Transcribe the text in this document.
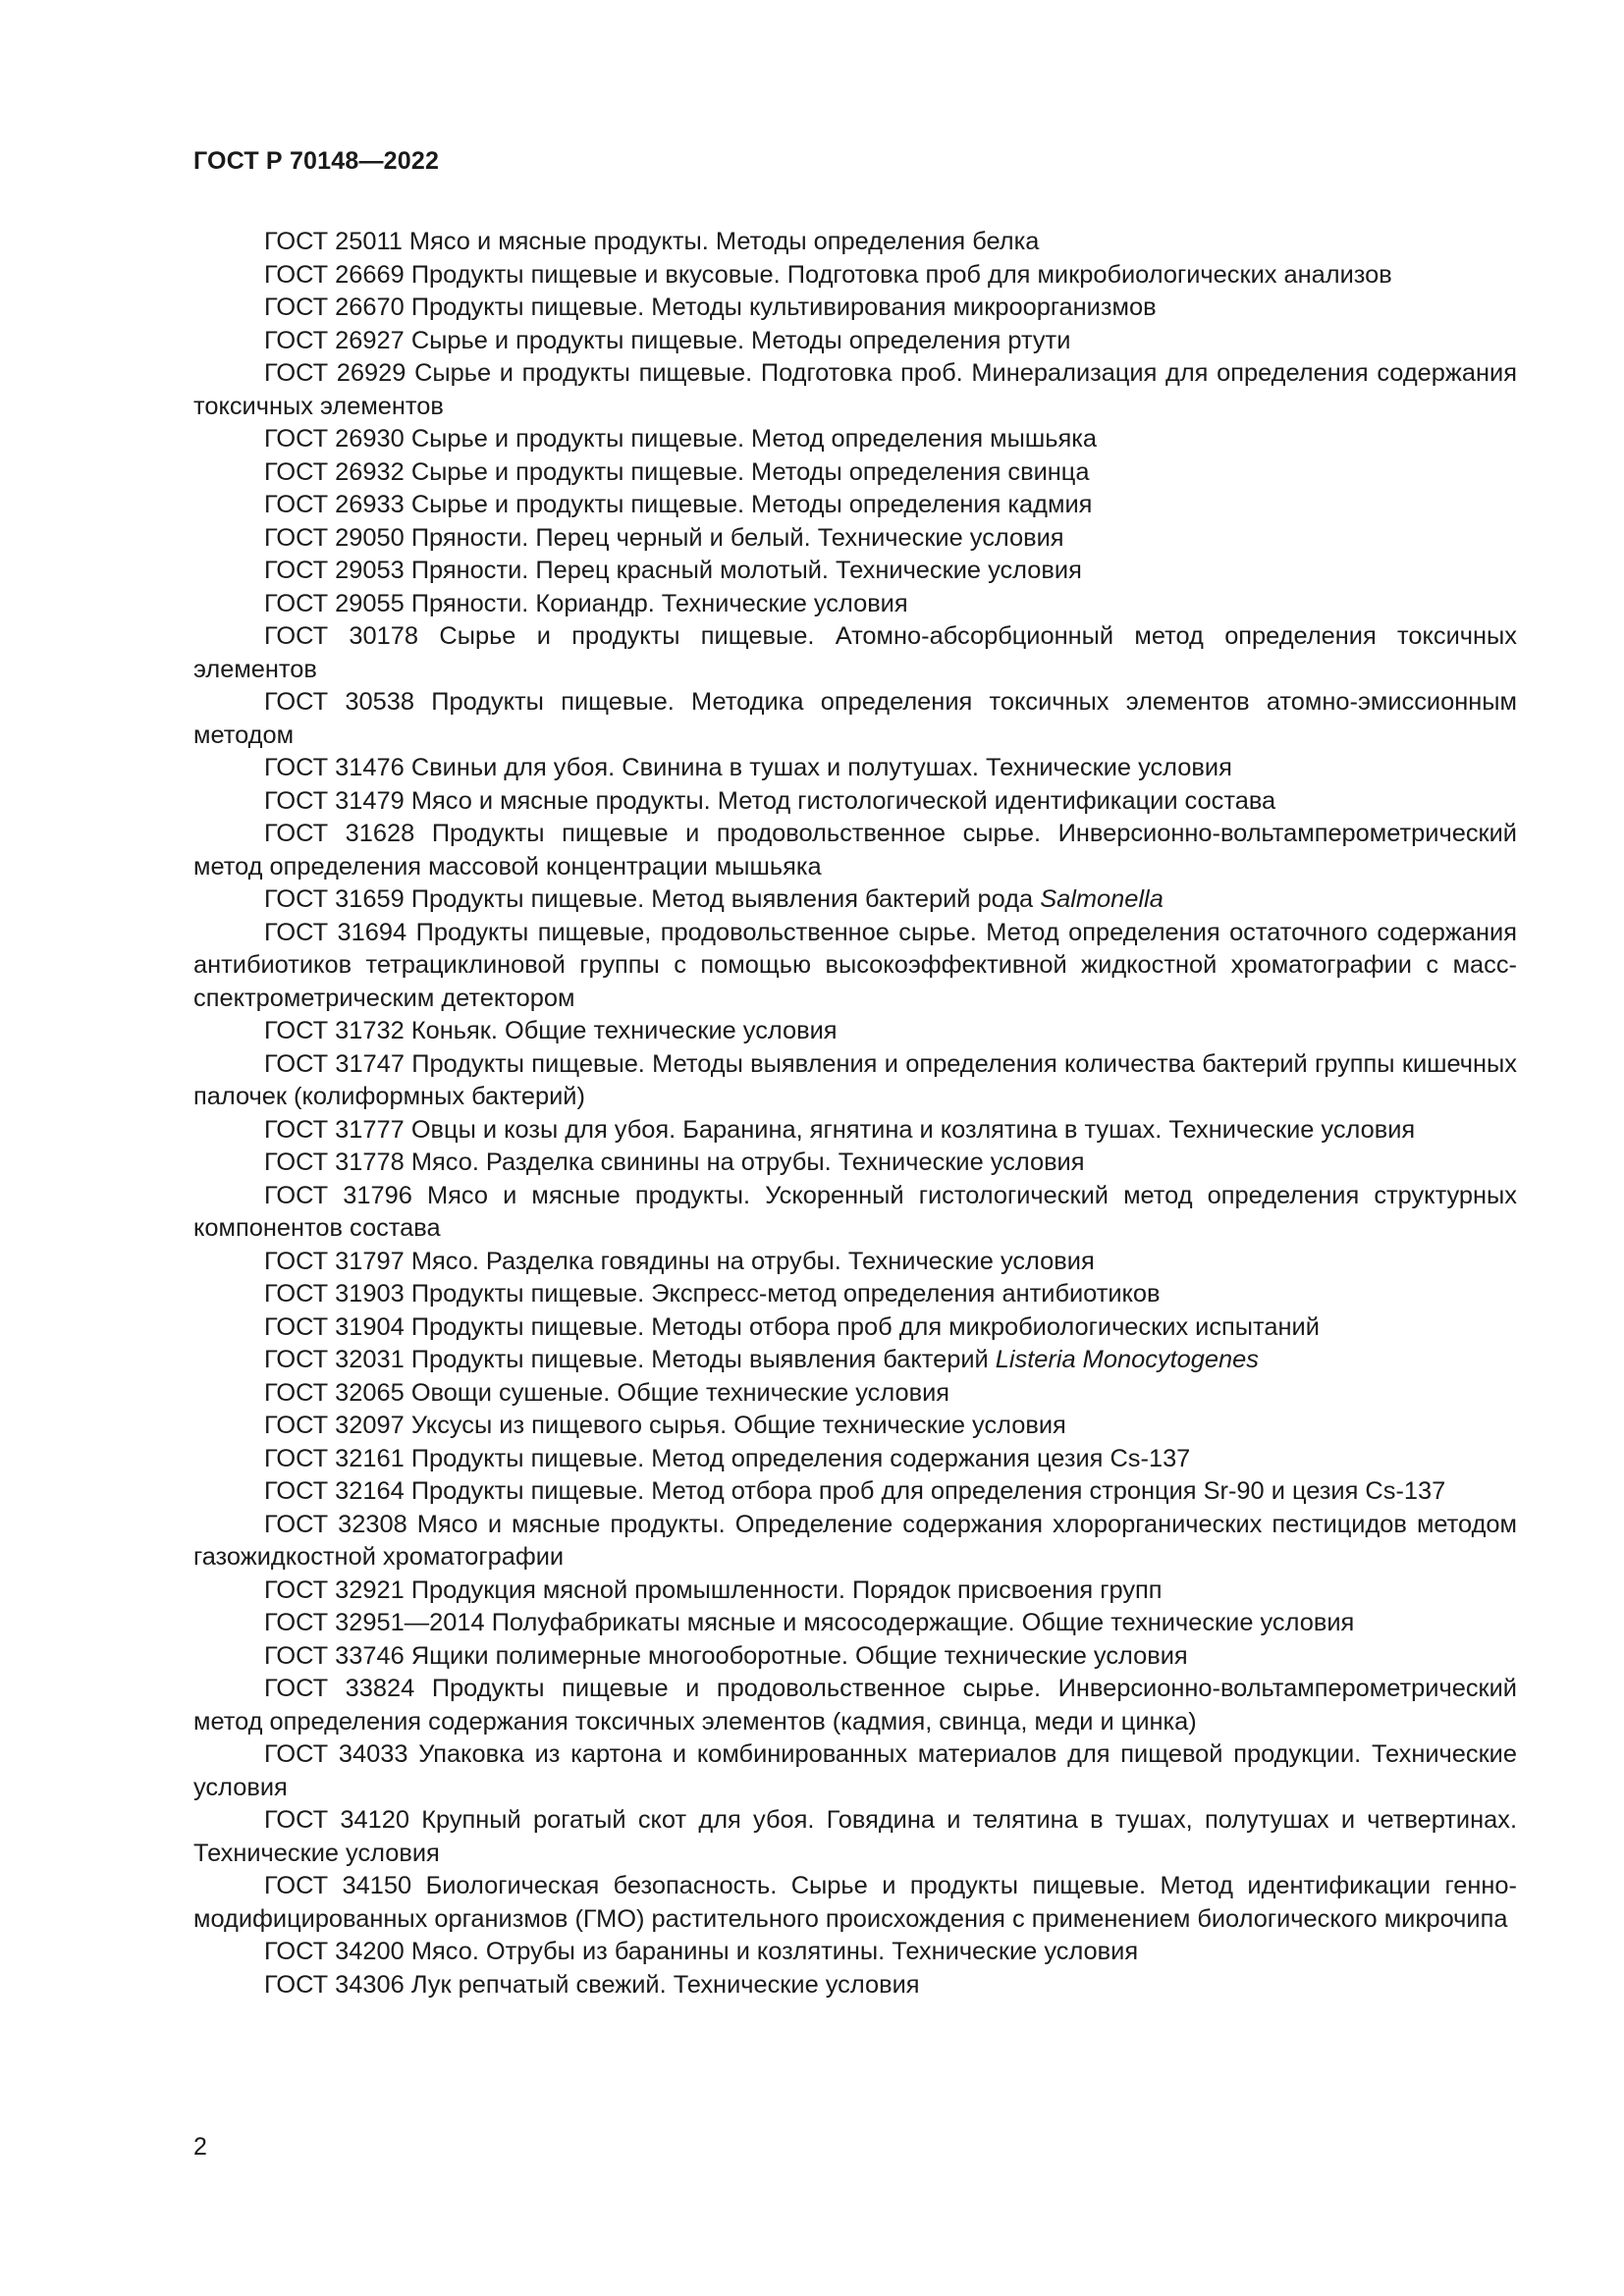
ГОСТ Р 70148—2022
ГОСТ 25011 Мясо и мясные продукты. Методы определения белка
ГОСТ 26669 Продукты пищевые и вкусовые. Подготовка проб для микробиологических анализов
ГОСТ 26670 Продукты пищевые. Методы культивирования микроорганизмов
ГОСТ 26927 Сырье и продукты пищевые. Методы определения ртути
ГОСТ 26929 Сырье и продукты пищевые. Подготовка проб. Минерализация для определения содержания токсичных элементов
ГОСТ 26930 Сырье и продукты пищевые. Метод определения мышьяка
ГОСТ 26932 Сырье и продукты пищевые. Методы определения свинца
ГОСТ 26933 Сырье и продукты пищевые. Методы определения кадмия
ГОСТ 29050 Пряности. Перец черный и белый. Технические условия
ГОСТ 29053 Пряности. Перец красный молотый. Технические условия
ГОСТ 29055 Пряности. Кориандр. Технические условия
ГОСТ 30178 Сырье и продукты пищевые. Атомно-абсорбционный метод определения токсичных элементов
ГОСТ 30538 Продукты пищевые. Методика определения токсичных элементов атомно-эмиссионным методом
ГОСТ 31476 Свиньи для убоя. Свинина в тушах и полутушах. Технические условия
ГОСТ 31479 Мясо и мясные продукты. Метод гистологической идентификации состава
ГОСТ 31628 Продукты пищевые и продовольственное сырье. Инверсионно-вольтамперометрический метод определения массовой концентрации мышьяка
ГОСТ 31659 Продукты пищевые. Метод выявления бактерий рода Salmonella
ГОСТ 31694 Продукты пищевые, продовольственное сырье. Метод определения остаточного содержания антибиотиков тетрациклиновой группы с помощью высокоэффективной жидкостной хроматографии с масс-спектрометрическим детектором
ГОСТ 31732 Коньяк. Общие технические условия
ГОСТ 31747 Продукты пищевые. Методы выявления и определения количества бактерий группы кишечных палочек (колиформных бактерий)
ГОСТ 31777 Овцы и козы для убоя. Баранина, ягнятина и козлятина в тушах. Технические условия
ГОСТ 31778 Мясо. Разделка свинины на отрубы. Технические условия
ГОСТ 31796 Мясо и мясные продукты. Ускоренный гистологический метод определения структурных компонентов состава
ГОСТ 31797 Мясо. Разделка говядины на отрубы. Технические условия
ГОСТ 31903 Продукты пищевые. Экспресс-метод определения антибиотиков
ГОСТ 31904 Продукты пищевые. Методы отбора проб для микробиологических испытаний
ГОСТ 32031 Продукты пищевые. Методы выявления бактерий Listeria Monocytogenes
ГОСТ 32065 Овощи сушеные. Общие технические условия
ГОСТ 32097 Уксусы из пищевого сырья. Общие технические условия
ГОСТ 32161 Продукты пищевые. Метод определения содержания цезия Cs-137
ГОСТ 32164 Продукты пищевые. Метод отбора проб для определения стронция Sr-90 и цезия Cs-137
ГОСТ 32308 Мясо и мясные продукты. Определение содержания хлорорганических пестицидов методом газожидкостной хроматографии
ГОСТ 32921 Продукция мясной промышленности. Порядок присвоения групп
ГОСТ 32951—2014 Полуфабрикаты мясные и мясосодержащие. Общие технические условия
ГОСТ 33746 Ящики полимерные многооборотные. Общие технические условия
ГОСТ 33824 Продукты пищевые и продовольственное сырье. Инверсионно-вольтамперометрический метод определения содержания токсичных элементов (кадмия, свинца, меди и цинка)
ГОСТ 34033 Упаковка из картона и комбинированных материалов для пищевой продукции. Технические условия
ГОСТ 34120 Крупный рогатый скот для убоя. Говядина и телятина в тушах, полутушах и четвертинах. Технические условия
ГОСТ 34150 Биологическая безопасность. Сырье и продукты пищевые. Метод идентификации генно-модифицированных организмов (ГМО) растительного происхождения с применением биологического микрочипа
ГОСТ 34200 Мясо. Отрубы из баранины и козлятины. Технические условия
ГОСТ 34306 Лук репчатый свежий. Технические условия
2
